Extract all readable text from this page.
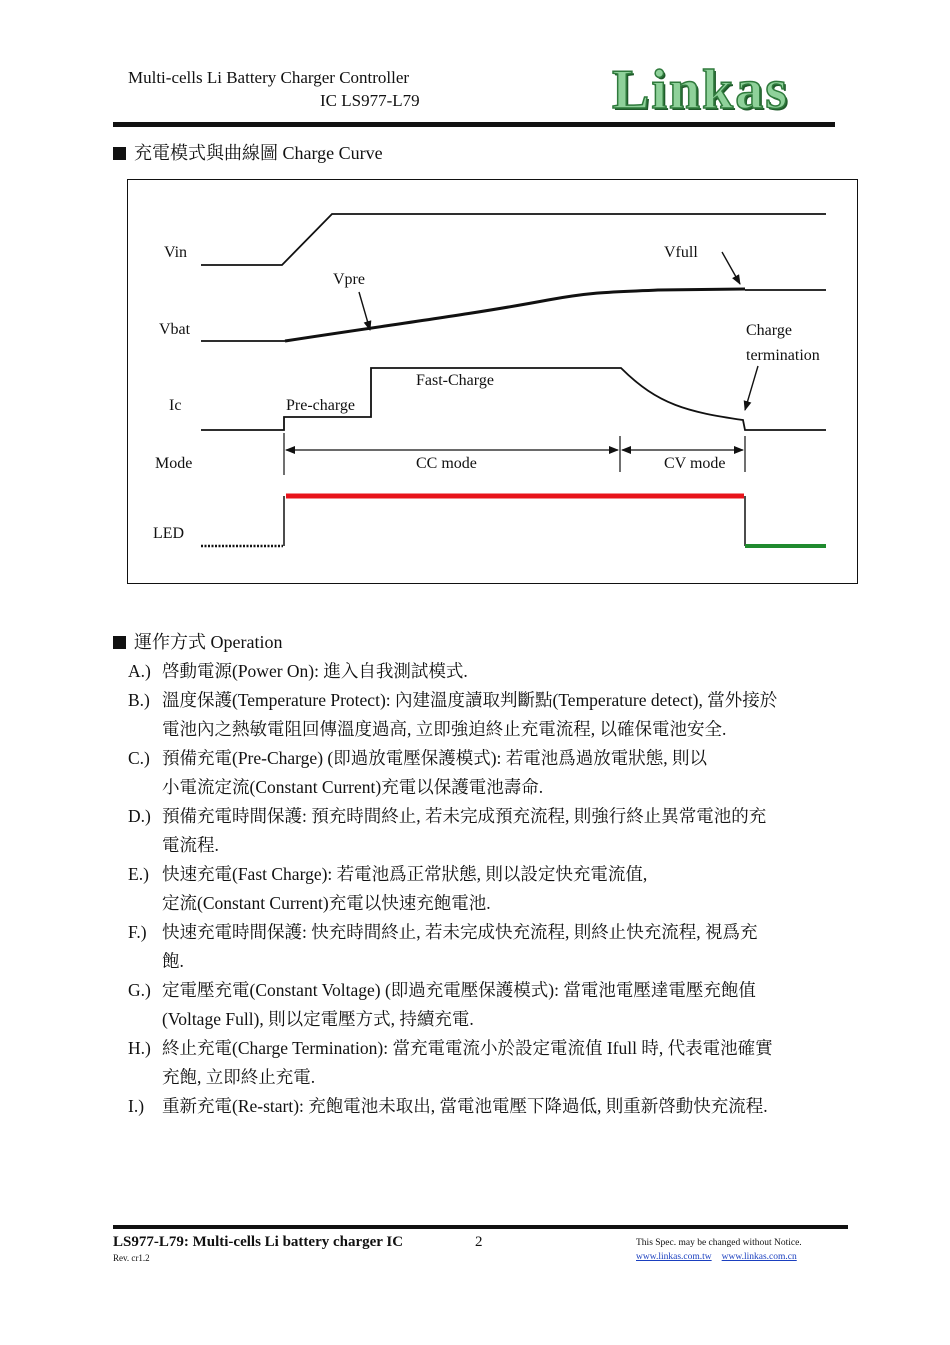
Multi-cells Li Battery Charger Controller
IC LS977-L79	Linkas
充電模式與曲線圖 Charge Curve
Vin
Vbat
Ic
Mode
LED
Vpre
Vfull
Charge
termination
Fast-Charge
Pre-charge
CC mode	CV mode
運作方式 Operation
A.) 啓動電源(Power On): 進入自我測試模式.
B.) 溫度保護(Temperature Protect): 內建溫度讀取判斷點(Temperature detect), 當外接於
電池內之熱敏電阻回傳溫度過高, 立即強迫終止充電流程, 以確保電池安全.
C.) 預備充電(Pre-Charge) (即過放電壓保護模式): 若電池爲過放電狀態, 則以
小電流定流(Constant Current)充電以保護電池壽命.
D.) 預備充電時間保護: 預充時間終止, 若未完成預充流程, 則強行終止異常電池的充
電流程.
E.) 快速充電(Fast Charge): 若電池爲正常狀態, 則以設定快充電流值,
定流(Constant Current)充電以快速充飽電池.
F.) 快速充電時間保護: 快充時間終止, 若未完成快充流程, 則終止快充流程, 視爲充
飽.
G.) 定電壓充電(Constant Voltage) (即過充電壓保護模式): 當電池電壓達電壓充飽值
(Voltage Full), 則以定電壓方式, 持續充電.
H.) 終止充電(Charge Termination): 當充電電流小於設定電流值 Ifull 時, 代表電池確實
充飽, 立即終止充電.
I.) 重新充電(Re-start): 充飽電池未取出, 當電池電壓下降過低, 則重新啓動快充流程.
LS977-L79: Multi-cells Li battery charger IC
Rev. cr1.2
2	This Spec. may be changed without Notice.
www.linkas.com.tw www.linkas.com.cn
